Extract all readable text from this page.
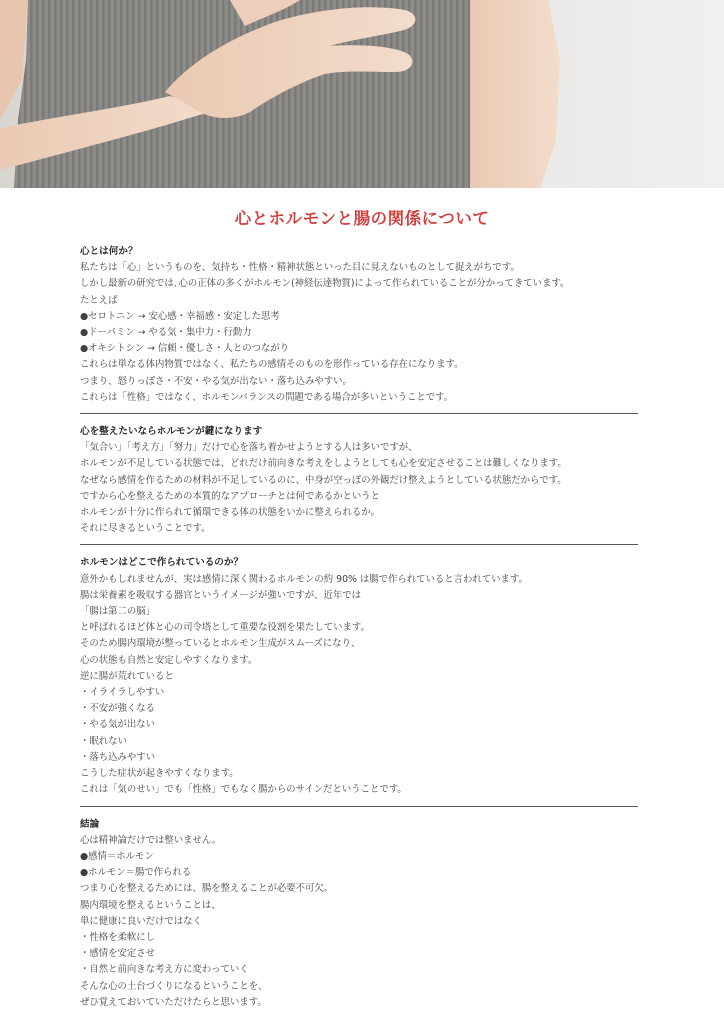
心とホルモンと腸の関係について
心とは何か？
私たちは「心」というものを、気持ち・性格・精神状態といった目に見えないものとして捉えがちです。
しかし最新の研究では､心の正体の多くがホルモン(神経伝達物質)によって作られていることが分かってきています。
たとえば
●セロトニン → 安心感・幸福感・安定した思考
●ドーパミン → やる気・集中力・行動力
●オキシトシン → 信頼・優しさ・人とのつながり
これらは単なる体内物質ではなく、私たちの感情そのものを形作っている存在になります。
つまり、怒りっぽさ・不安・やる気が出ない・落ち込みやすい。
これらは「性格」ではなく、ホルモンバランスの問題である場合が多いということです。
心を整えたいならホルモンが鍵になります
「気合い」「考え方」「努力」だけで心を落ち着かせようとする人は多いですが、
ホルモンが不足している状態では、どれだけ前向きな考えをしようとしても心を安定させることは難しくなります。
なぜなら感情を作るための材料が不足しているのに、中身が空っぽの外観だけ整えようとしている状態だからです。
ですから心を整えるための本質的なアプローチとは何であるかというと
ホルモンが十分に作られて循環できる体の状態をいかに整えられるか。
それに尽きるということです。
ホルモンはどこで作られているのか？
意外かもしれませんが、実は感情に深く関わるホルモンの約 90% は腸で作られていると言われています。
腸は栄養素を吸収する器官というイメージが強いですが、近年では
「腸は第二の脳」
と呼ばれるほど体と心の司令塔として重要な役割を果たしています。
そのため腸内環境が整っているとホルモン生成がスムーズになり、
心の状態も自然と安定しやすくなります。
逆に腸が荒れていると
・イライラしやすい
・不安が強くなる
・やる気が出ない
・眠れない
・落ち込みやすい
こうした症状が起きやすくなります。
これは「気のせい」でも「性格」でもなく腸からのサインだということです。
結論
心は精神論だけでは整いません。
●感情＝ホルモン
●ホルモン＝腸で作られる
つまり心を整えるためには、腸を整えることが必要不可欠。
腸内環境を整えるということは、
単に健康に良いだけではなく
・性格を柔軟にし
・感情を安定させ
・自然と前向きな考え方に変わっていく
そんな心の土台づくりになるということを、
ぜひ覚えておいていただけたらと思います。
